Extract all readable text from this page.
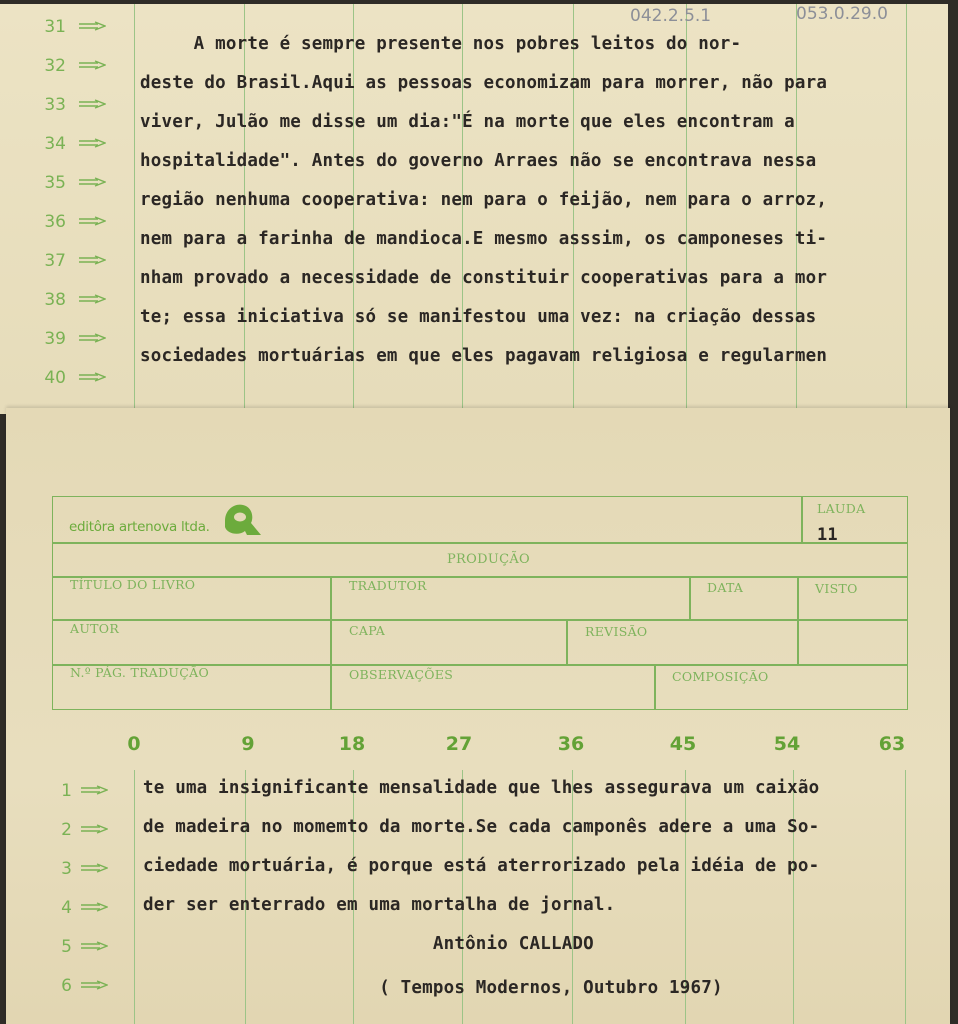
042.2.5.1	053.0.29.0
31
32
33
34
35
36
37
38
39
40
A morte é sempre presente nos pobres leitos do nor-
deste do Brasil.Aqui as pessoas economizam para morrer, não para
viver, Julão me disse um dia:"É na morte que eles encontram a
hospitalidade". Antes do governo Arraes não se encontrava nessa
região nenhuma cooperativa: nem para o feijão, nem para o arroz,
nem para a farinha de mandioca.E mesmo asssim, os camponeses ti-
nham provado a necessidade de constituir cooperativas para a mor
te; essa iniciativa só se manifestou uma vez: na criação dessas
sociedades mortuárias em que eles pagavam religiosa e regularmen
editôra artenova ltda.
LAUDA
11
PRODUÇÃO
TÍTULO DO LIVRO	TRADUTOR	DATA	VISTO
AUTOR	CAPA	REVISÃO
N.º PÁG. TRADUÇÃO	OBSERVAÇÕES	COMPOSIÇÃO
0	9	18	27	36	45	54	63
1
2
3
4
5
6
te uma insignificante mensalidade que lhes assegurava um caixão
de madeira no momemto da morte.Se cada camponês adere a uma So-
ciedade mortuária, é porque está aterrorizado pela idéia de po-
der ser enterrado em uma mortalha de jornal.
Antônio CALLADO
( Tempos Modernos, Outubro 1967)
